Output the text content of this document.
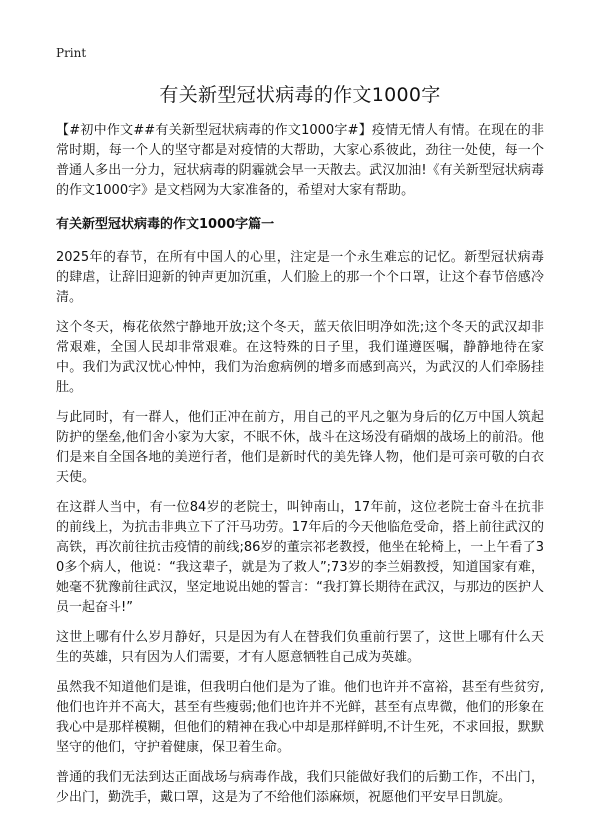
Print
有关新型冠状病毒的作文1000字

【#初中作文##有关新型冠状病毒的作文1000字#】疫情无情人有情。在现在的非常时期，每一个人的坚守都是对疫情的大帮助，大家心系彼此，劲往一处使，每一个普通人多出一分力，冠状病毒的阴霾就会早一天散去。武汉加油!《有关新型冠状病毒的作文1000字》是文档网为大家准备的，希望对大家有帮助。

有关新型冠状病毒的作文1000字篇一

2025年的春节，在所有中国人的心里，注定是一个永生难忘的记忆。新型冠状病毒的肆虐，让辞旧迎新的钟声更加沉重，人们脸上的那一个个口罩，让这个春节倍感冷清。

这个冬天，梅花依然宁静地开放;这个冬天，蓝天依旧明净如洗;这个冬天的武汉却非常艰难，全国人民却非常艰难。在这特殊的日子里，我们谨遵医嘱，静静地待在家中。我们为武汉忧心忡忡，我们为治愈病例的增多而感到高兴，为武汉的人们牵肠挂肚。

与此同时，有一群人，他们正冲在前方，用自己的平凡之躯为身后的亿万中国人筑起防护的堡垒,他们舍小家为大家，不眠不休，战斗在这场没有硝烟的战场上的前沿。他们是来自全国各地的美逆行者，他们是新时代的美先锋人物，他们是可亲可敬的白衣天使。

在这群人当中，有一位84岁的老院士，叫钟南山，17年前，这位老院士奋斗在抗非的前线上，为抗击非典立下了汗马功劳。17年后的今天他临危受命，搭上前往武汉的高铁，再次前往抗击疫情的前线;86岁的董宗祁老教授，他坐在轮椅上，一上午看了30多个病人，他说：“我这辈子，就是为了救人”;73岁的李兰娟教授，知道国家有难，她毫不犹豫前往武汉，坚定地说出她的誓言：“我打算长期待在武汉，与那边的医护人员一起奋斗!”

这世上哪有什么岁月静好，只是因为有人在替我们负重前行罢了，这世上哪有什么天生的英雄，只有因为人们需要，才有人愿意牺牲自己成为英雄。

虽然我不知道他们是谁，但我明白他们是为了谁。他们也许并不富裕，甚至有些贫穷,他们也许并不高大，甚至有些瘦弱;他们也许并不光鲜，甚至有点卑微，他们的形象在我心中是那样模糊，但他们的精神在我心中却是那样鲜明,不计生死，不求回报，默默坚守的他们，守护着健康，保卫着生命。

普通的我们无法到达正面战场与病毒作战，我们只能做好我们的后勤工作，不出门，少出门，勤洗手，戴口罩，这是为了不给他们添麻烦，祝愿他们平安早日凯旋。
